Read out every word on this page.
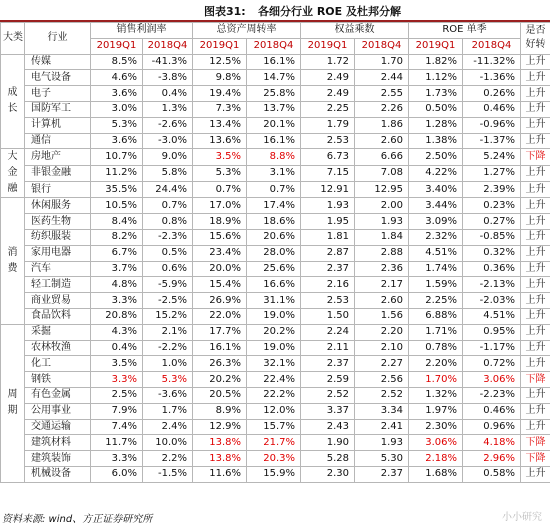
图表31: 各细分行业 ROE 及杜邦分解
大类	行业	销售利润率		总资产周转率		权益乘数		ROE 单季		是否好转
		2019Q1	2018Q4	2019Q1	2018Q4	2019Q1	2018Q4	2019Q1	2018Q4	
成长	传媒	8.5%	-41.3%	12.5%	16.1%	1.72	1.70	1.82%	-11.32%	上升
	电气设备	4.6%	-3.8%	9.8%	14.7%	2.49	2.44	1.12%	-1.36%	上升
	电子	3.6%	0.4%	19.4%	25.8%	2.49	2.55	1.73%	0.26%	上升
	国防军工	3.0%	1.3%	7.3%	13.7%	2.25	2.26	0.50%	0.46%	上升
	计算机	5.3%	-2.6%	13.4%	20.1%	1.79	1.86	1.28%	-0.96%	上升
	通信	3.6%	-3.0%	13.6%	16.1%	2.53	2.60	1.38%	-1.37%	上升
大金融	房地产	10.7%	9.0%	3.5%	8.8%	6.73	6.66	2.50%	5.24%	下降
	非银金融	11.2%	5.8%	5.3%	3.1%	7.15	7.08	4.22%	1.27%	上升
	银行	35.5%	24.4%	0.7%	0.7%	12.91	12.95	3.40%	2.39%	上升
消费	休闲服务	10.5%	0.7%	17.0%	17.4%	1.93	2.00	3.44%	0.23%	上升
	医药生物	8.4%	0.8%	18.9%	18.6%	1.95	1.93	3.09%	0.27%	上升
	纺织服装	8.2%	-2.3%	15.6%	20.6%	1.81	1.84	2.32%	-0.85%	上升
	家用电器	6.7%	0.5%	23.4%	28.0%	2.87	2.88	4.51%	0.32%	上升
	汽车	3.7%	0.6%	20.0%	25.6%	2.37	2.36	1.74%	0.36%	上升
	轻工制造	4.8%	-5.9%	15.4%	16.6%	2.16	2.17	1.59%	-2.13%	上升
	商业贸易	3.3%	-2.5%	26.9%	31.1%	2.53	2.60	2.25%	-2.03%	上升
	食品饮料	20.8%	15.2%	22.0%	19.0%	1.50	1.56	6.88%	4.51%	上升
周期	采掘	4.3%	2.1%	17.7%	20.2%	2.24	2.20	1.71%	0.95%	上升
	农林牧渔	0.4%	-2.2%	16.1%	19.0%	2.11	2.10	0.78%	-1.17%	上升
	化工	3.5%	1.0%	26.3%	32.1%	2.37	2.27	2.20%	0.72%	上升
	钢铁	3.3%	5.3%	20.2%	22.4%	2.59	2.56	1.70%	3.06%	下降
	有色金属	2.5%	-3.6%	20.5%	22.2%	2.52	2.52	1.32%	-2.23%	上升
	公用事业	7.9%	1.7%	8.9%	12.0%	3.37	3.34	1.97%	0.46%	上升
	交通运输	7.4%	2.4%	12.9%	15.7%	2.43	2.41	2.30%	0.96%	上升
	建筑材料	11.7%	10.0%	13.8%	21.7%	1.90	1.93	3.06%	4.18%	下降
	建筑装饰	3.3%	2.2%	13.8%	20.3%	5.28	5.30	2.18%	2.96%	下降
	机械设备	6.0%	-1.5%	11.6%	15.9%	2.30	2.37	1.68%	0.58%	上升
资料来源: wind、方正证券研究所	小小研究
